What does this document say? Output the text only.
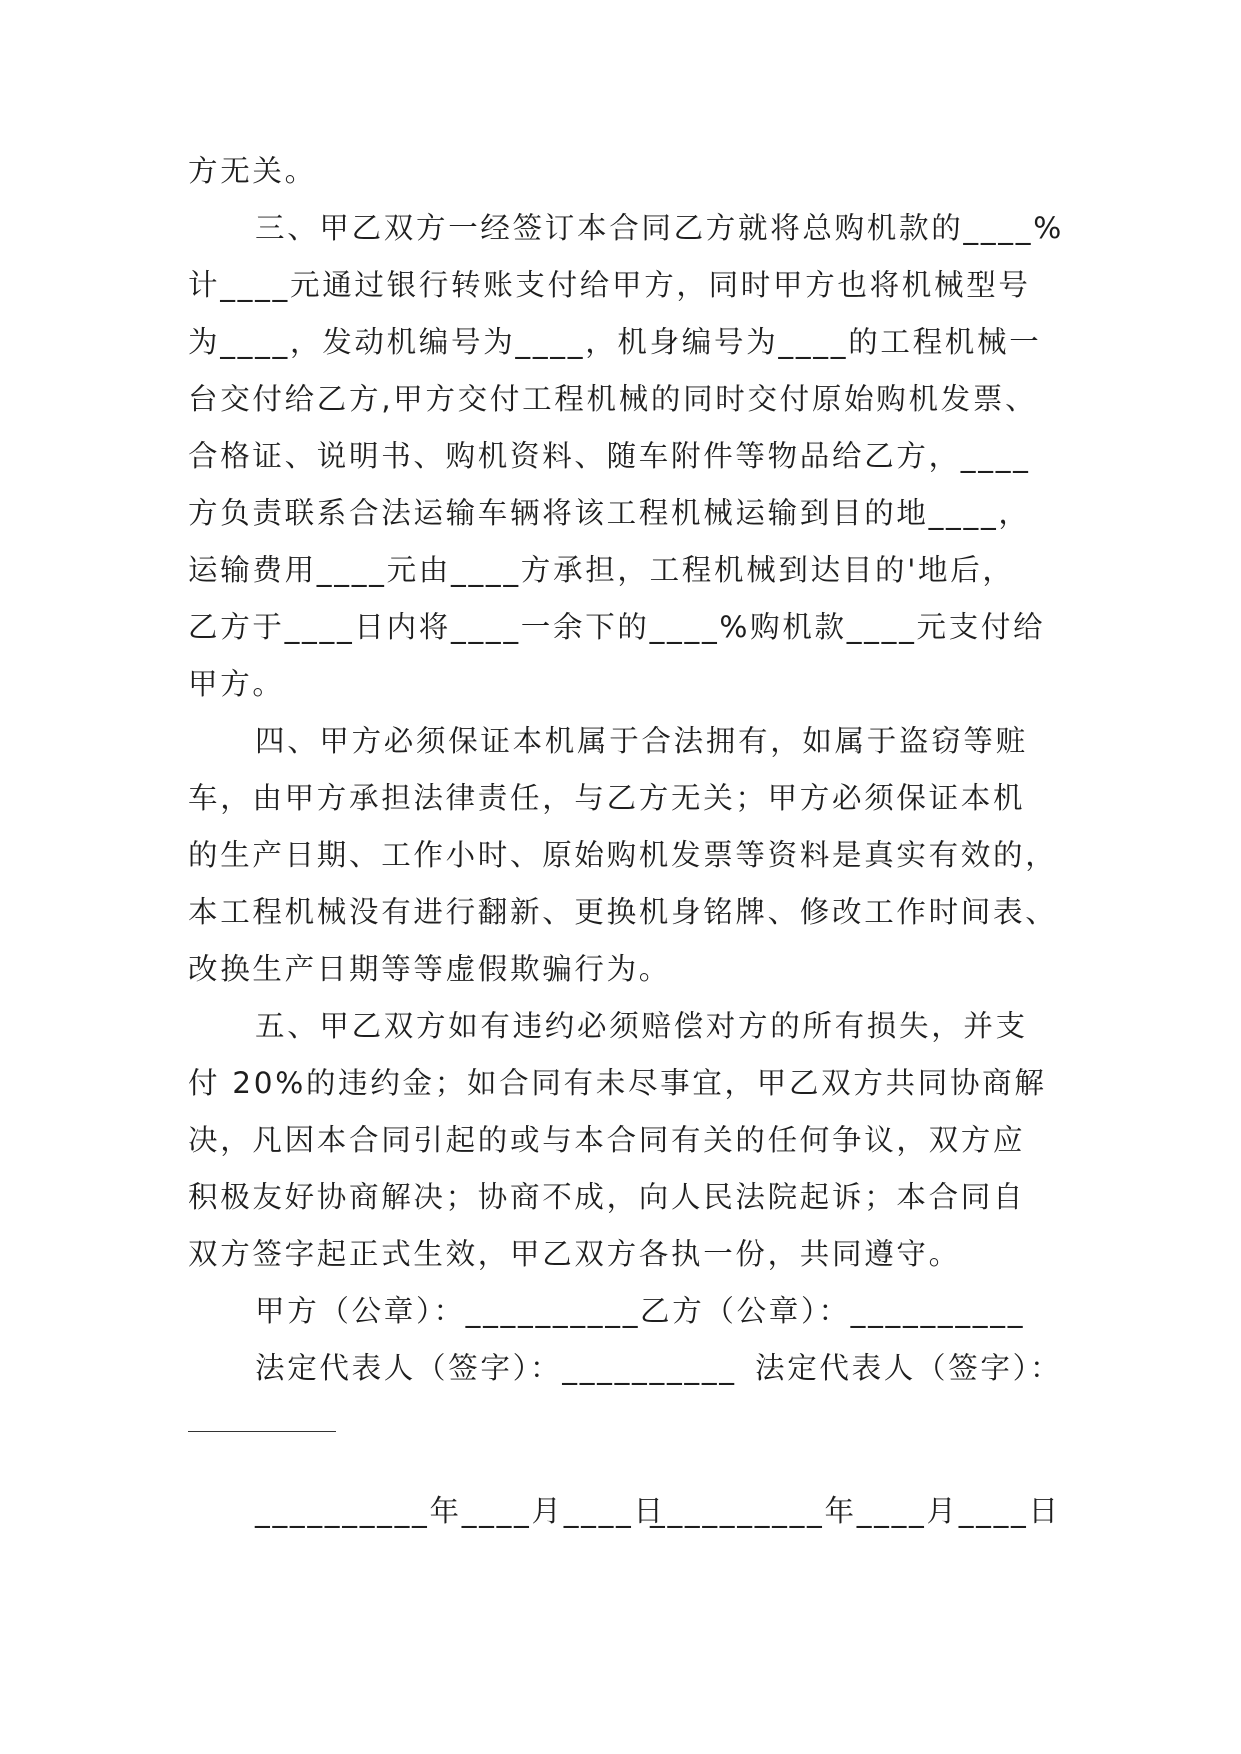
方无关。
三、甲乙双方一经签订本合同乙方就将总购机款的____%
计____元通过银行转账支付给甲方，同时甲方也将机械型号
为____，发动机编号为____，机身编号为____的工程机械一
台交付给乙方,甲方交付工程机械的同时交付原始购机发票、
合格证、说明书、购机资料、随车附件等物品给乙方，____
方负责联系合法运输车辆将该工程机械运输到目的地____，
运输费用____元由____方承担，工程机械到达目的'地后，
乙方于____日内将____一余下的____%购机款____元支付给
甲方。
四、甲方必须保证本机属于合法拥有，如属于盗窃等赃
车，由甲方承担法律责任，与乙方无关；甲方必须保证本机
的生产日期、工作小时、原始购机发票等资料是真实有效的，
本工程机械没有进行翻新、更换机身铭牌、修改工作时间表、
改换生产日期等等虚假欺骗行为。
五、甲乙双方如有违约必须赔偿对方的所有损失，并支
付 20%的违约金；如合同有未尽事宜，甲乙双方共同协商解
决，凡因本合同引起的或与本合同有关的任何争议，双方应
积极友好协商解决；协商不成，向人民法院起诉；本合同自
双方签字起正式生效，甲乙双方各执一份，共同遵守。
甲方（公章）：__________ 乙方（公章）：__________
法定代表人（签字）：__________ 法定代表人（签字）：
__________年____月____日
__________年____月____日
